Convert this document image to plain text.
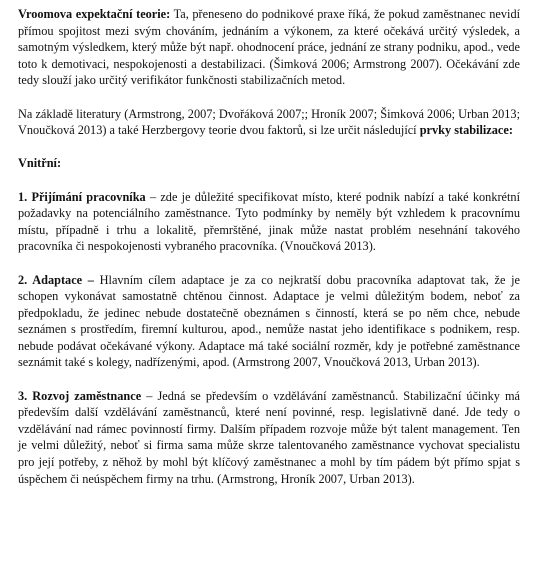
Vroomova expektační teorie: Ta, přeneseno do podnikové praxe říká, že pokud zaměstnanec nevidí přímou spojitost mezi svým chováním, jednáním a výkonem, za které očekává určitý výsledek, a samotným výsledkem, který může být např. ohodnocení práce, jednání ze strany podniku, apod., vede toto k demotivaci, nespokojenosti a destabilizaci. (Šimková 2006; Armstrong 2007). Očekávání zde tedy slouží jako určitý verifikátor funkčnosti stabilizačních metod.

Na základě literatury (Armstrong, 2007; Dvořáková 2007;; Hroník 2007; Šimková 2006; Urban 2013; Vnoučková 2013) a také Herzbergovy teorie dvou faktorů, si lze určit následující prvky stabilizace:

Vnitřní:

1. Přijímání pracovníka – zde je důležité specifikovat místo, které podnik nabízí a také konkrétní požadavky na potenciálního zaměstnance. Tyto podmínky by neměly být vzhledem k pracovnímu místu, případně i trhu a lokalitě, přemrštěné, jinak může nastat problém nesehnání takového pracovníka či nespokojenosti vybraného pracovníka. (Vnoučková 2013).

2. Adaptace – Hlavním cílem adaptace je za co nejkratší dobu pracovníka adaptovat tak, že je schopen vykonávat samostatně chtěnou činnost. Adaptace je velmi důležitým bodem, neboť za předpokladu, že jedinec nebude dostatečně obeznámen s činností, která se po něm chce, nebude seznámen s prostředím, firemní kulturou, apod., nemůže nastat jeho identifikace s podnikem, resp. nebude podávat očekávané výkony. Adaptace má také sociální rozměr, kdy je potřebné zaměstnance seznámit také s kolegy, nadřízenými, apod. (Armstrong 2007, Vnoučková 2013, Urban 2013).

3. Rozvoj zaměstnance – Jedná se především o vzdělávání zaměstnanců. Stabilizační účinky má především další vzdělávání zaměstnanců, které není povinné, resp. legislativně dané. Jde tedy o vzdělávání nad rámec povinností firmy. Dalším případem rozvoje může být talent management. Ten je velmi důležitý, neboť si firma sama může skrze talentovaného zaměstnance vychovat specialistu pro její potřeby, z něhož by mohl být klíčový zaměstnanec a mohl by tím pádem být přímo spjat s úspěchem či neúspěchem firmy na trhu. (Armstrong, Hroník 2007, Urban 2013).
